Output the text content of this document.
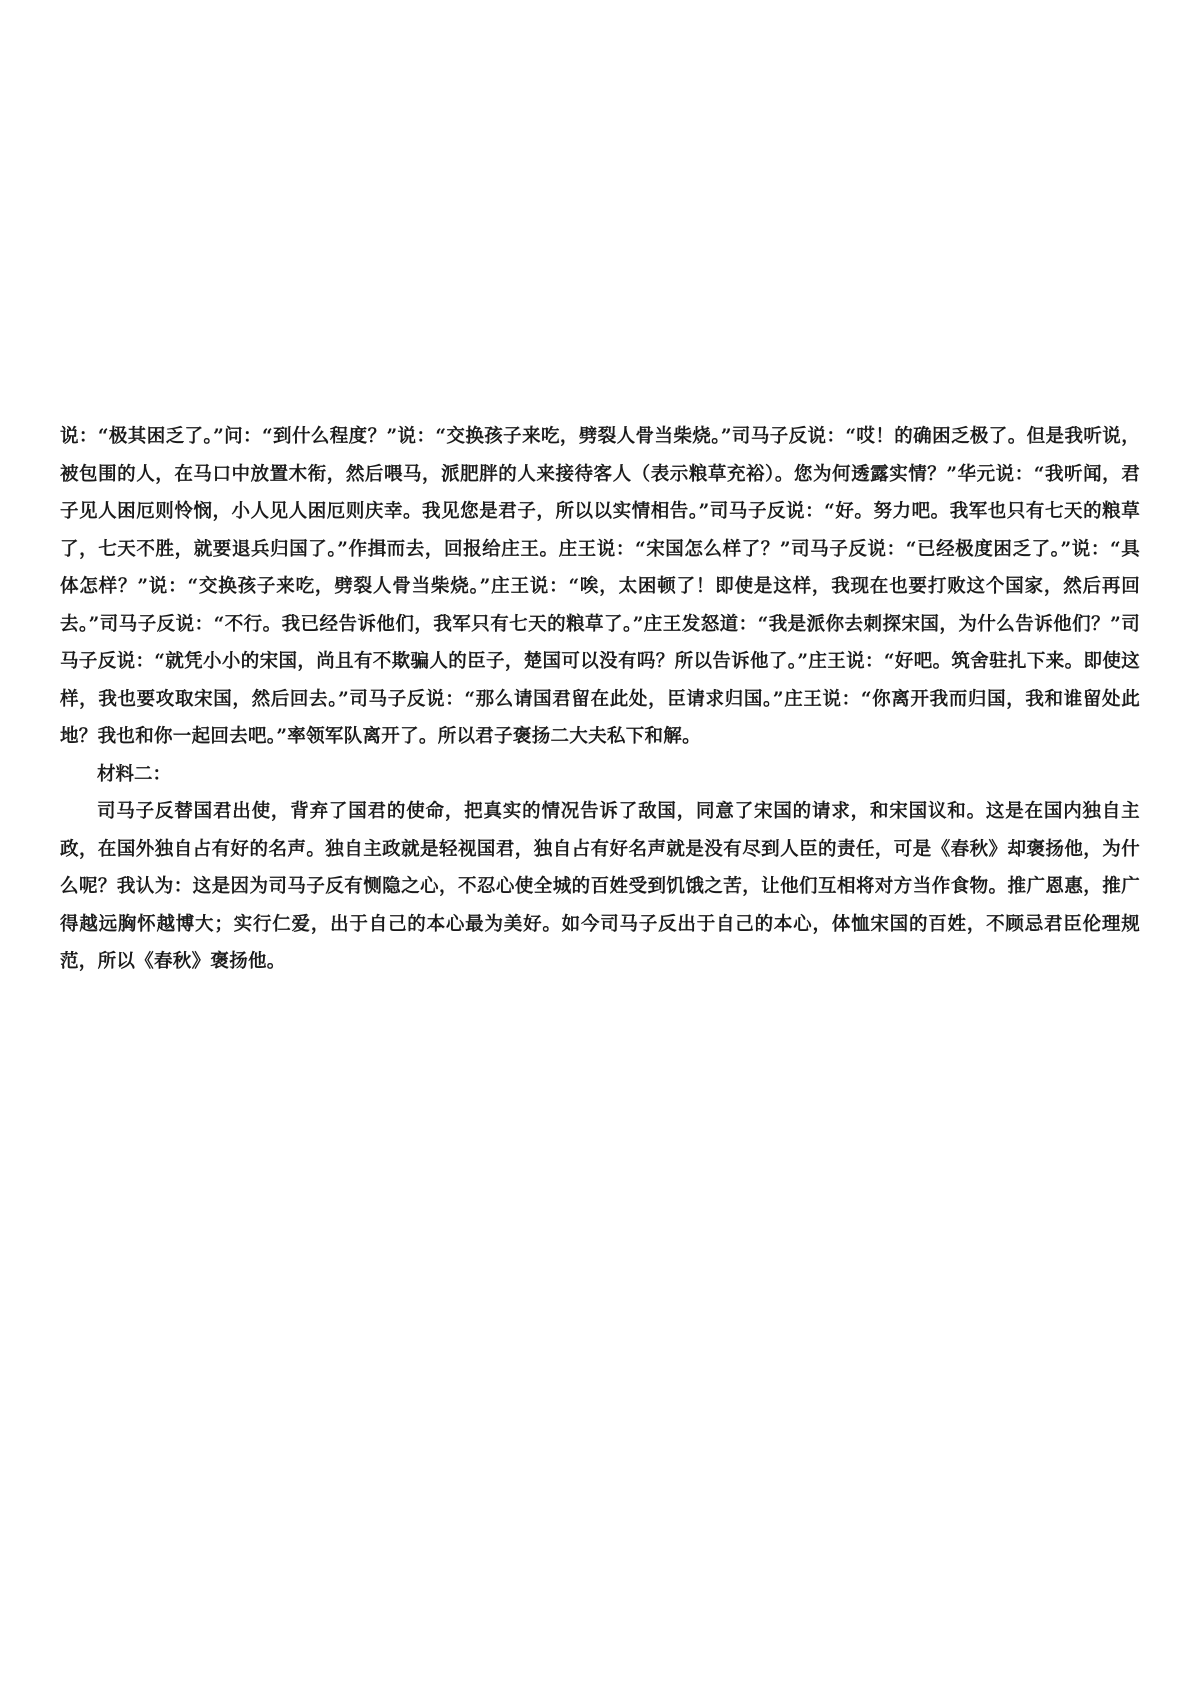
说：“极其困乏了。”问：“到什么程度？”说：“交换孩子来吃，劈裂人骨当柴烧。”司马子反说：“哎！的确困乏极了。但是我听说，被包围的人，在马口中放置木衔，然后喂马，派肥胖的人来接待客人（表示粮草充裕）。您为何透露实情？”华元说：“我听闻，君子见人困厄则怜悯，小人见人困厄则庆幸。我见您是君子，所以以实情相告。”司马子反说：“好。努力吧。我军也只有七天的粮草了，七天不胜，就要退兵归国了。”作揖而去，回报给庄王。庄王说：“宋国怎么样了？”司马子反说：“已经极度困乏了。”说：“具体怎样？”说：“交换孩子来吃，劈裂人骨当柴烧。”庄王说：“唉，太困顿了！即使是这样，我现在也要打败这个国家，然后再回去。”司马子反说：“不行。我已经告诉他们，我军只有七天的粮草了。”庄王发怒道：“我是派你去刺探宋国，为什么告诉他们？”司马子反说：“就凭小小的宋国，尚且有不欺骗人的臣子，楚国可以没有吗？所以告诉他了。”庄王说：“好吧。筑舍驻扎下来。即使这样，我也要攻取宋国，然后回去。”司马子反说：“那么请国君留在此处，臣请求归国。”庄王说：“你离开我而归国，我和谁留处此地？我也和你一起回去吧。”率领军队离开了。所以君子褒扬二大夫私下和解。

材料二：

司马子反替国君出使，背弃了国君的使命，把真实的情况告诉了敌国，同意了宋国的请求，和宋国议和。这是在国内独自主政，在国外独自占有好的名声。独自主政就是轻视国君，独自占有好名声就是没有尽到人臣的责任，可是《春秋》却褒扬他，为什么呢？我认为：这是因为司马子反有恻隐之心，不忍心使全城的百姓受到饥饿之苦，让他们互相将对方当作食物。推广恩惠，推广得越远胸怀越博大；实行仁爱，出于自己的本心最为美好。如今司马子反出于自己的本心，体恤宋国的百姓，不顾忌君臣伦理规范，所以《春秋》褒扬他。
